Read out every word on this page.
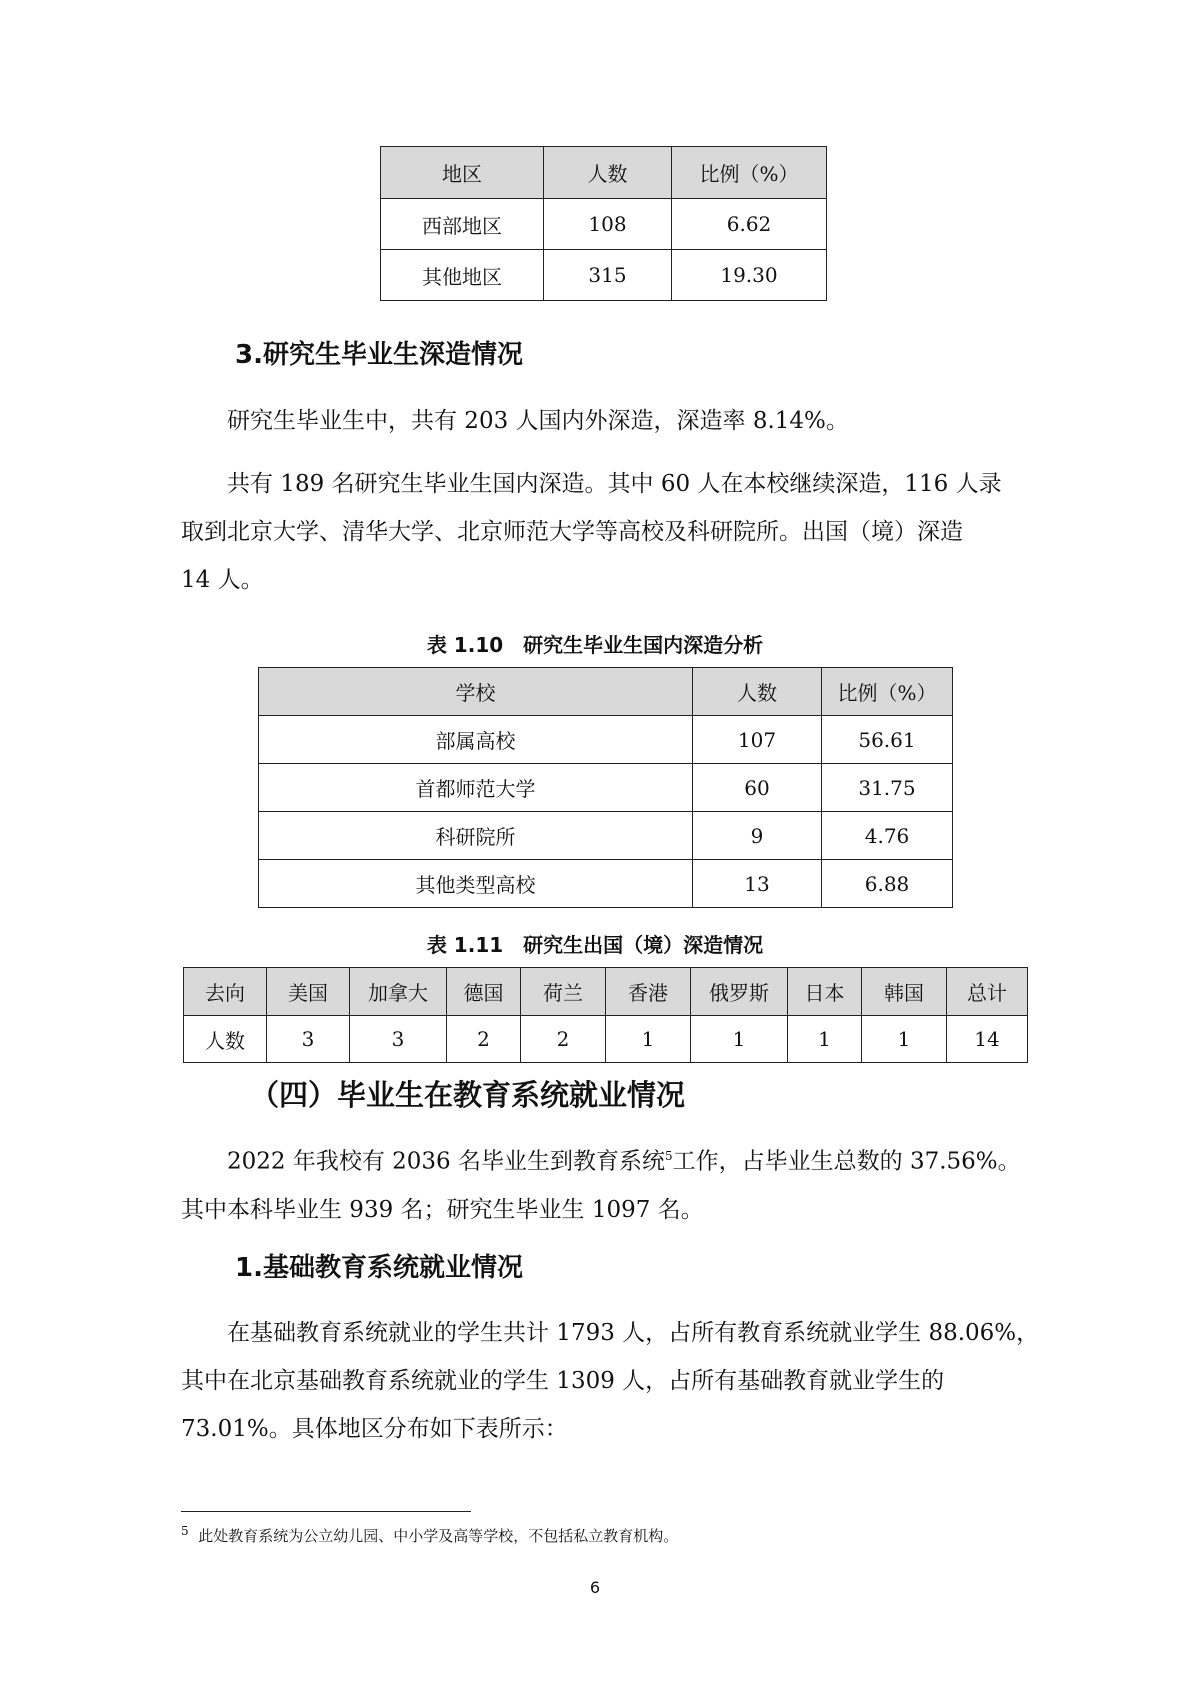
地区	人数	比例（%）
西部地区	108	6.62
其他地区	315	19.30
3.研究生毕业生深造情况
研究生毕业生中，共有 203 人国内外深造，深造率 8.14%。
共有 189 名研究生毕业生国内深造。其中 60 人在本校继续深造，116 人录
取到北京大学、清华大学、北京师范大学等高校及科研院所。出国（境）深造
14 人。
表 1.10　研究生毕业生国内深造分析
学校	人数	比例（%）
部属高校	107	56.61
首都师范大学	60	31.75
科研院所	9	4.76
其他类型高校	13	6.88
表 1.11　研究生出国（境）深造情况
去向	美国	加拿大	德国	荷兰	香港	俄罗斯	日本	韩国	总计
人数	3	3	2	2	1	1	1	1	14
（四）毕业生在教育系统就业情况
2022 年我校有 2036 名毕业生到教育系统$^5$工作，占毕业生总数的 37.56%。
其中本科毕业生 939 名；研究生毕业生 1097 名。
1.基础教育系统就业情况
在基础教育系统就业的学生共计 1793 人，占所有教育系统就业学生 88.06%，
其中在北京基础教育系统就业的学生 1309 人，占所有基础教育就业学生的
73.01%。具体地区分布如下表所示：
$^5$ 此处教育系统为公立幼儿园、中小学及高等学校，不包括私立教育机构。
6
